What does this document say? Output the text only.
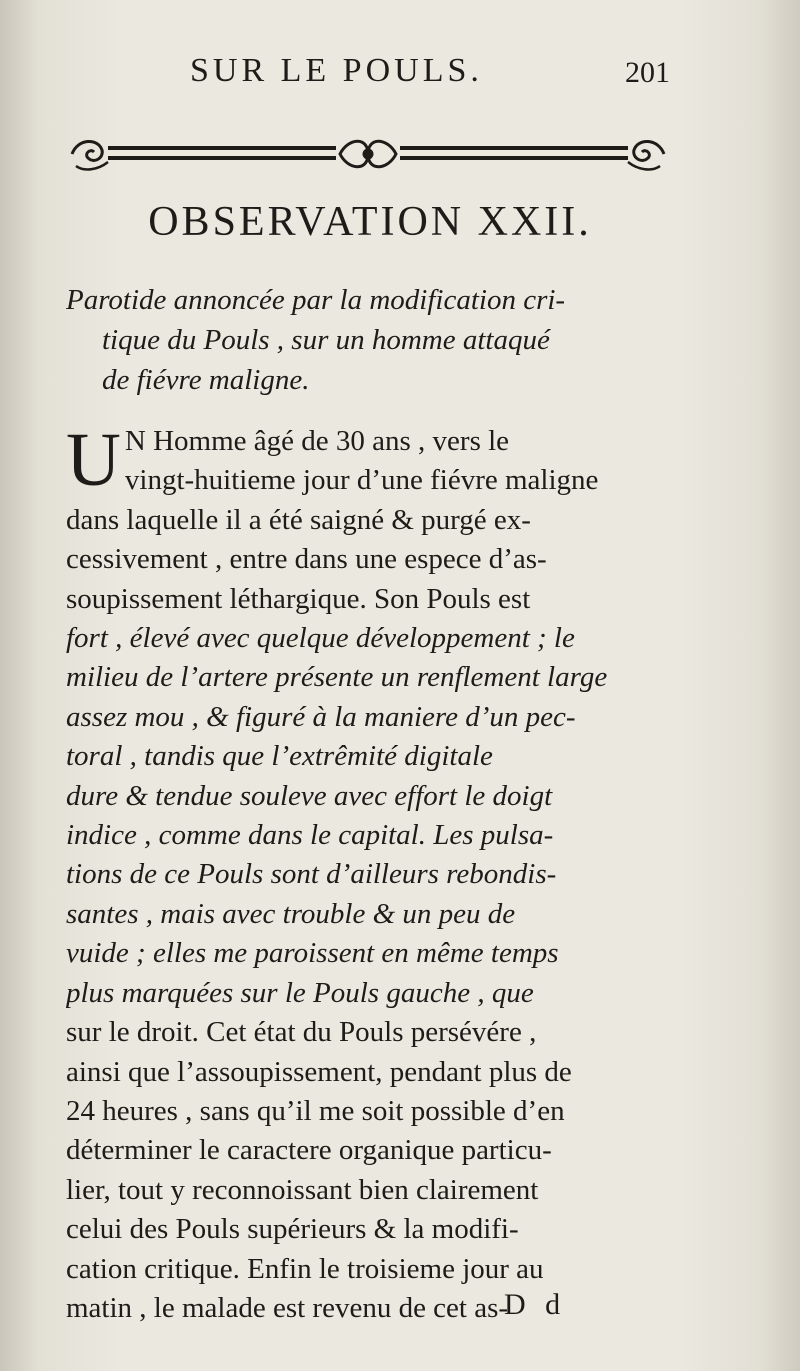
SUR LE POULS.	201
OBSERVATION XXII.
Parotide annoncée par la modification cri-
tique du Pouls , sur un homme attaqué
de fiévre maligne.
U N Homme âgé de 30 ans , vers le
vingt-huitieme jour d’une fiévre maligne
dans laquelle il a été saigné & purgé ex-
cessivement , entre dans une espece d’as-
soupissement léthargique. Son Pouls est
fort , élevé avec quelque développement ; le
milieu de l’artere présente un renflement large
assez mou , & figuré à la maniere d’un pec-
toral , tandis que l’extrêmité digitale
dure & tendue souleve avec effort le doigt
indice , comme dans le capital. Les pulsa-
tions de ce Pouls sont d’ailleurs rebondis-
santes , mais avec trouble & un peu de
vuide ; elles me paroissent en même temps
plus marquées sur le Pouls gauche , que
sur le droit. Cet état du Pouls persévére ,
ainsi que l’assoupissement, pendant plus de
24 heures , sans qu’il me soit possible d’en
déterminer le caractere organique particu-
lier, tout y reconnoissant bien clairement
celui des Pouls supérieurs & la modifi-
cation critique. Enfin le troisieme jour au
matin , le malade est revenu de cet as-
D d
